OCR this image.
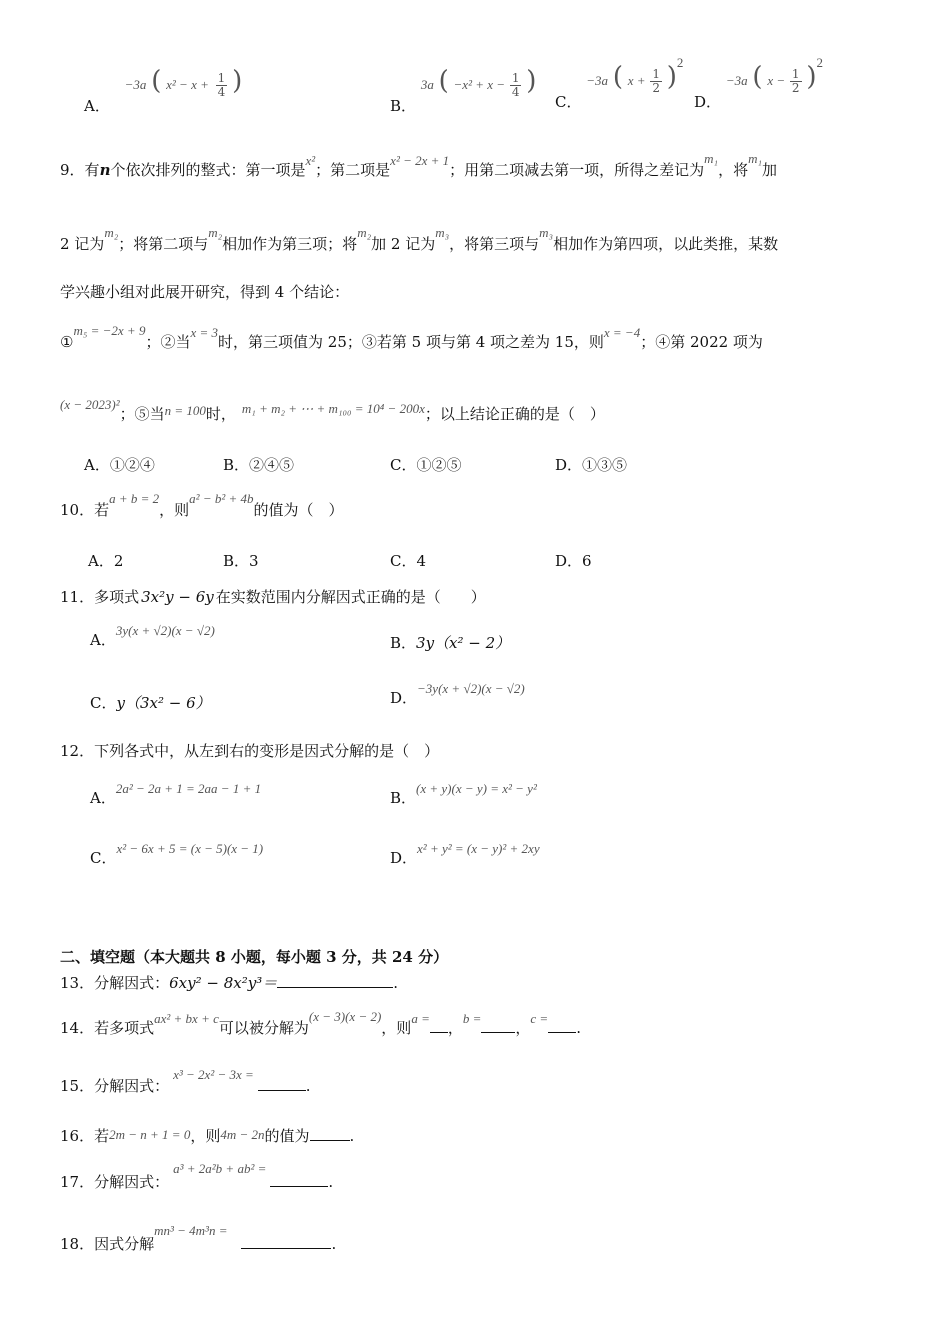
A． −3a ( $x^2 - x + \frac{1}{4}$ )
B． 3a ( $-x^2 + x - \frac{1}{4}$ )
C． −3a ( $x + \frac{1}{2} )^2$
D． −3a ( $x - \frac{1}{2} )^2$
9．有n个依次排列的整式：第一项是x²；第二项是x² − 2x + 1；用第二项减去第一项，所得之差记为m₁，将m₁加
2 记为m₂；将第二项与m₂相加作为第三项；将m₂加 2 记为m₃，将第三项与m₃相加作为第四项，以此类推，某数
学兴趣小组对此展开研究，得到 4 个结论：
①m₅ = −2x + 9；②当x = 3时，第三项值为 25；③若第 5 项与第 4 项之差为 15，则x = −4；④第 2022 项为
(x − 2023)²；⑤当n = 100时， m₁ + m₂ + ⋯ + m₁₀₀ = 10⁴ − 200x；以上结论正确的是（　）
A．①②④	B．②④⑤	C．①②⑤	D．①③⑤
10．若a + b = 2，则a² − b² + 4b的值为（　）
A．2	B．3	C．4	D．6
11．多项式 3x²y − 6y 在实数范围内分解因式正确的是（　　）
A．3y(x + √2)(x − √2)
B．3y（x² − 2）
C．y（3x² − 6）	D．−3y(x + √2)(x − √2)
12．下列各式中，从左到右的变形是因式分解的是（　）
A．2a² − 2a + 1 = 2aa − 1 + 1
B．(x + y)(x − y) = x² − y²
C．x² − 6x + 5 = (x − 5)(x − 1)
D．x² + y² = (x − y)² + 2xy
二、填空题（本大题共 8 小题，每小题 3 分，共 24 分）
13．分解因式：6xy² − 8x²y³＝	.
14．若多项式ax² + bx + c可以被分解为(x − 3)(x − 2)，则a =，b =，c =.
15．分解因式：x³ − 2x² − 3x =.
16．若2m − n + 1 = 0，则4m − 2n的值为	.
17．分解因式：a³ + 2a²b + ab² =.
18．因式分解mn³ − 4m³n =.
